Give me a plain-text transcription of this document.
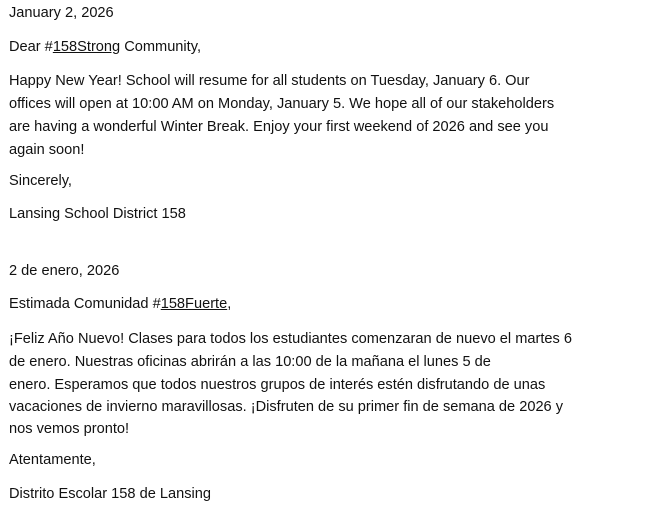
January 2, 2026
Dear #158Strong Community,
Happy New Year! School will resume for all students on Tuesday, January 6. Our
offices will open at 10:00 AM on Monday, January 5. We hope all of our stakeholders
are having a wonderful Winter Break. Enjoy your first weekend of 2026 and see you
again soon!
Sincerely,
Lansing School District 158
2 de enero, 2026
Estimada Comunidad #158Fuerte,
¡Feliz Año Nuevo! Clases para todos los estudiantes comenzaran de nuevo el martes 6
de enero. Nuestras oficinas abrirán a las 10:00 de la mañana el lunes 5 de
enero. Esperamos que todos nuestros grupos de interés estén disfrutando de unas
vacaciones de invierno maravillosas. ¡Disfruten de su primer fin de semana de 2026 y
nos vemos pronto!
Atentamente,
Distrito Escolar 158 de Lansing
